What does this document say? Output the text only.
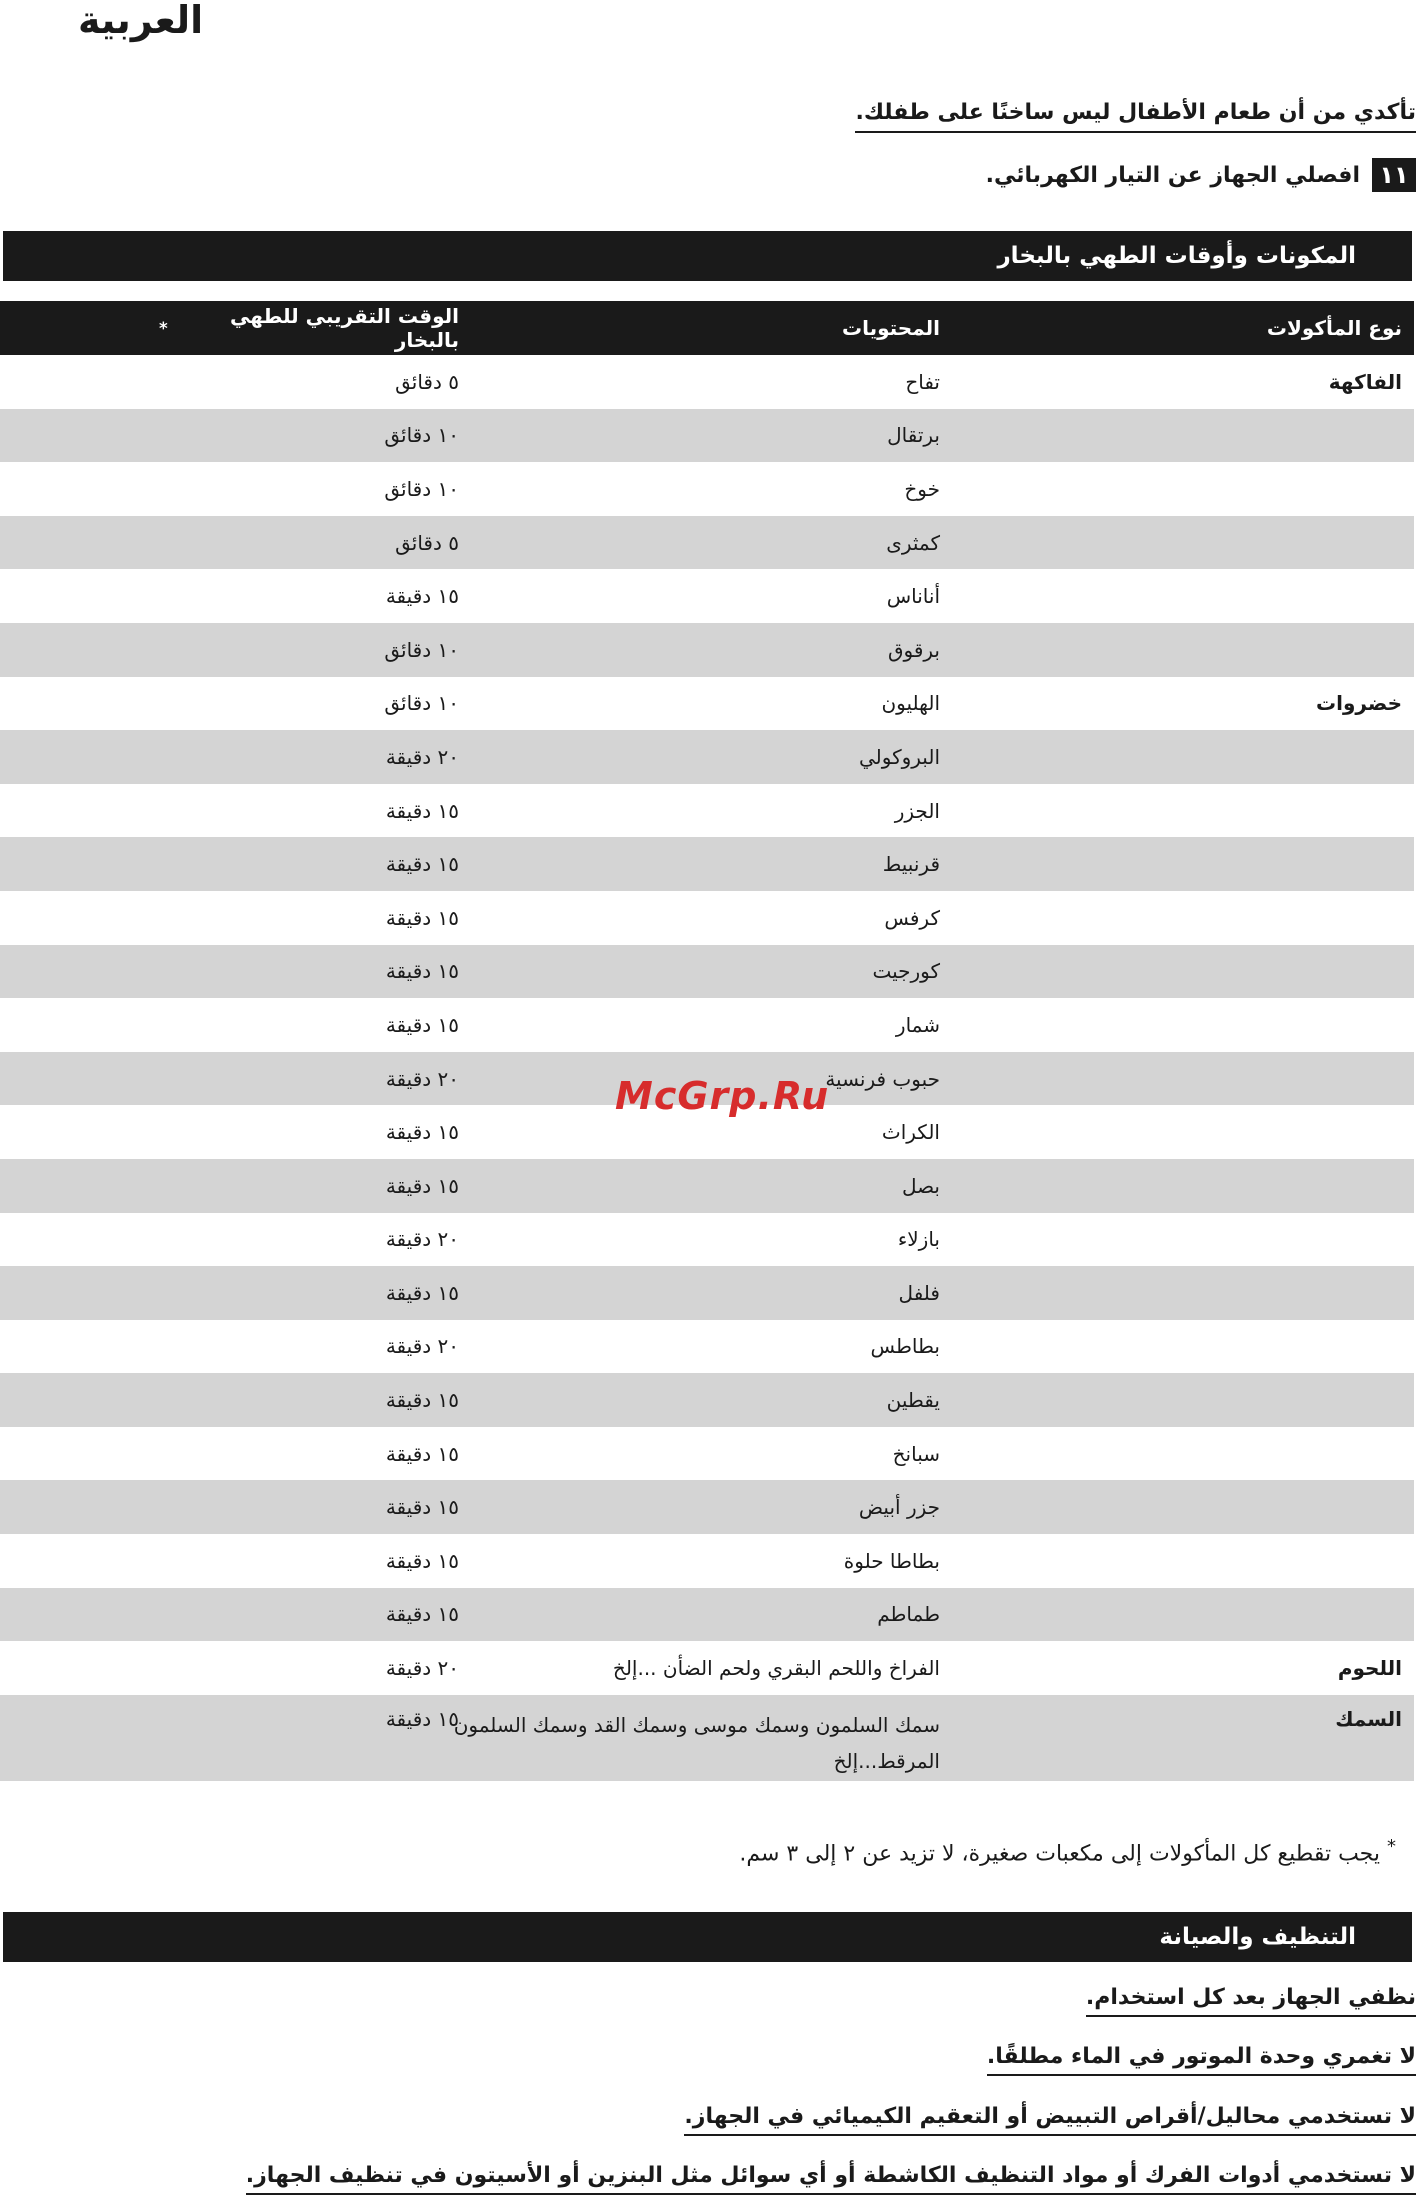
العربية
تأكدي من أن طعام الأطفال ليس ساخنًا على طفلك.
١١
افصلي الجهاز عن التيار الكهربائي.
المكونات وأوقات الطهي بالبخار
نوع المأكولات
المحتويات
الوقت التقريبي للطهي بالبخار
*
الفاكهة
تفاح
٥ دقائق
برتقال
١٠ دقائق
خوخ
١٠ دقائق
كمثرى
٥ دقائق
أناناس
١٥ دقيقة
برقوق
١٠ دقائق
خضروات
الهليون
١٠ دقائق
البروكولي
٢٠ دقيقة
الجزر
١٥ دقيقة
قرنبيط
١٥ دقيقة
كرفس
١٥ دقيقة
كورجيت
١٥ دقيقة
شمار
١٥ دقيقة
حبوب فرنسية
٢٠ دقيقة
الكراث
١٥ دقيقة
بصل
١٥ دقيقة
بازلاء
٢٠ دقيقة
فلفل
١٥ دقيقة
بطاطس
٢٠ دقيقة
يقطين
١٥ دقيقة
سبانخ
١٥ دقيقة
جزر أبيض
١٥ دقيقة
بطاطا حلوة
١٥ دقيقة
طماطم
١٥ دقيقة
اللحوم
الفراخ واللحم البقري ولحم الضأن ...إلخ
٢٠ دقيقة
السمك
سمك السلمون وسمك موسى وسمك القد وسمك السلمون المرقط...إلخ
١٥ دقيقة
* يجب تقطيع كل المأكولات إلى مكعبات صغيرة، لا تزيد عن ٢ إلى ٣ سم.
التنظيف والصيانة
نظفي الجهاز بعد كل استخدام.
لا تغمري وحدة الموتور في الماء مطلقًا.
لا تستخدمي محاليل/أقراص التبييض أو التعقيم الكيميائي في الجهاز.
لا تستخدمي أدوات الفرك أو مواد التنظيف الكاشطة أو أي سوائل مثل البنزين أو الأسيتون في تنظيف الجهاز.
McGrp.Ru
